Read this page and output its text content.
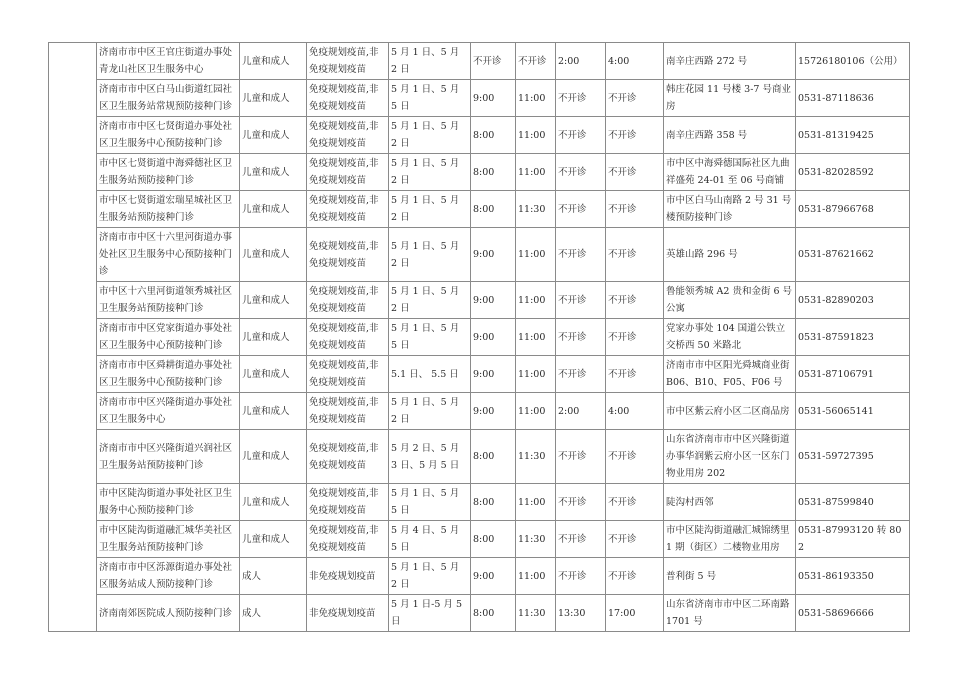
	济南市市中区王官庄街道办事处青龙山社区卫生服务中心	儿童和成人	免疫规划疫苗,非免疫规划疫苗	5 月 1 日、5 月 2 日	不开诊	不开诊	2:00	4:00	南辛庄西路 272 号	15726180106（公用）
	济南市市中区白马山街道红园社区卫生服务站常规预防接种门诊	儿童和成人	免疫规划疫苗,非免疫规划疫苗	5 月 1 日、5 月 5 日	9:00	11:00	不开诊	不开诊	韩庄花园 11 号楼 3-7 号商业房	0531-87118636
	济南市市中区七贤街道办事处社区卫生服务中心预防接种门诊	儿童和成人	免疫规划疫苗,非免疫规划疫苗	5 月 1 日、5 月 2 日	8:00	11:00	不开诊	不开诊	南辛庄西路 358 号	0531-81319425
	市中区七贤街道中海舜德社区卫生服务站预防接种门诊	儿童和成人	免疫规划疫苗,非免疫规划疫苗	5 月 1 日、5 月 2 日	8:00	11:00	不开诊	不开诊	市中区中海舜德国际社区九曲祥盛苑 24-01 至 06 号商铺	0531-82028592
	市中区七贤街道宏瑞星城社区卫生服务站预防接种门诊	儿童和成人	免疫规划疫苗,非免疫规划疫苗	5 月 1 日、5 月 2 日	8:00	11:30	不开诊	不开诊	市中区白马山南路 2 号 31 号楼预防接种门诊	0531-87966768
	济南市市中区十六里河街道办事处社区卫生服务中心预防接种门诊	儿童和成人	免疫规划疫苗,非免疫规划疫苗	5 月 1 日、5 月 2 日	9:00	11:00	不开诊	不开诊	英雄山路 296 号	0531-87621662
	市中区十六里河街道领秀城社区卫生服务站预防接种门诊	儿童和成人	免疫规划疫苗,非免疫规划疫苗	5 月 1 日、5 月 2 日	9:00	11:00	不开诊	不开诊	鲁能领秀城 A2 贵和金街 6 号公寓	0531-82890203
	济南市市中区党家街道办事处社区卫生服务中心预防接种门诊	儿童和成人	免疫规划疫苗,非免疫规划疫苗	5 月 1 日、5 月 5 日	9:00	11:00	不开诊	不开诊	党家办事处 104 国道公铁立交桥西 50 米路北	0531-87591823
	济南市市中区舜耕街道办事处社区卫生服务中心预防接种门诊	儿童和成人	免疫规划疫苗,非免疫规划疫苗	5.1 日、 5.5 日	9:00	11:00	不开诊	不开诊	济南市市中区阳光舜城商业街 B06、B10、F05、F06 号	0531-87106791
	济南市市中区兴隆街道办事处社区卫生服务中心	儿童和成人	免疫规划疫苗,非免疫规划疫苗	5 月 1 日、5 月 2 日	9:00	11:00	2:00	4:00	市中区紫云府小区二区商品房	0531-56065141
	济南市市中区兴隆街道兴润社区卫生服务站预防接种门诊	儿童和成人	免疫规划疫苗,非免疫规划疫苗	5 月 2 日、5 月 3 日、5 月 5 日	8:00	11:30	不开诊	不开诊	山东省济南市市中区兴隆街道办事华润紫云府小区一区东门物业用房 202	0531-59727395
	市中区陡沟街道办事处社区卫生服务中心预防接种门诊	儿童和成人	免疫规划疫苗,非免疫规划疫苗	5 月 1 日、5 月 5 日	8:00	11:00	不开诊	不开诊	陡沟村西邻	0531-87599840
	市中区陡沟街道融汇城华美社区卫生服务站预防接种门诊	儿童和成人	免疫规划疫苗,非免疫规划疫苗	5 月 4 日、5 月 5 日	8:00	11:30	不开诊	不开诊	市中区陡沟街道融汇城锦绣里 1 期（街区）二楼物业用房	0531-87993120 转 802
	济南市市中区泺源街道办事处社区服务站成人预防接种门诊	成人	非免疫规划疫苗	5 月 1 日、5 月 2 日	9:00	11:00	不开诊	不开诊	普利街 5 号	0531-86193350
	济南南郊医院成人预防接种门诊	成人	非免疫规划疫苗	5 月 1 日-5 月 5 日	8:00	11:30	13:30	17:00	山东省济南市市中区二环南路 1701 号	0531-58696666
